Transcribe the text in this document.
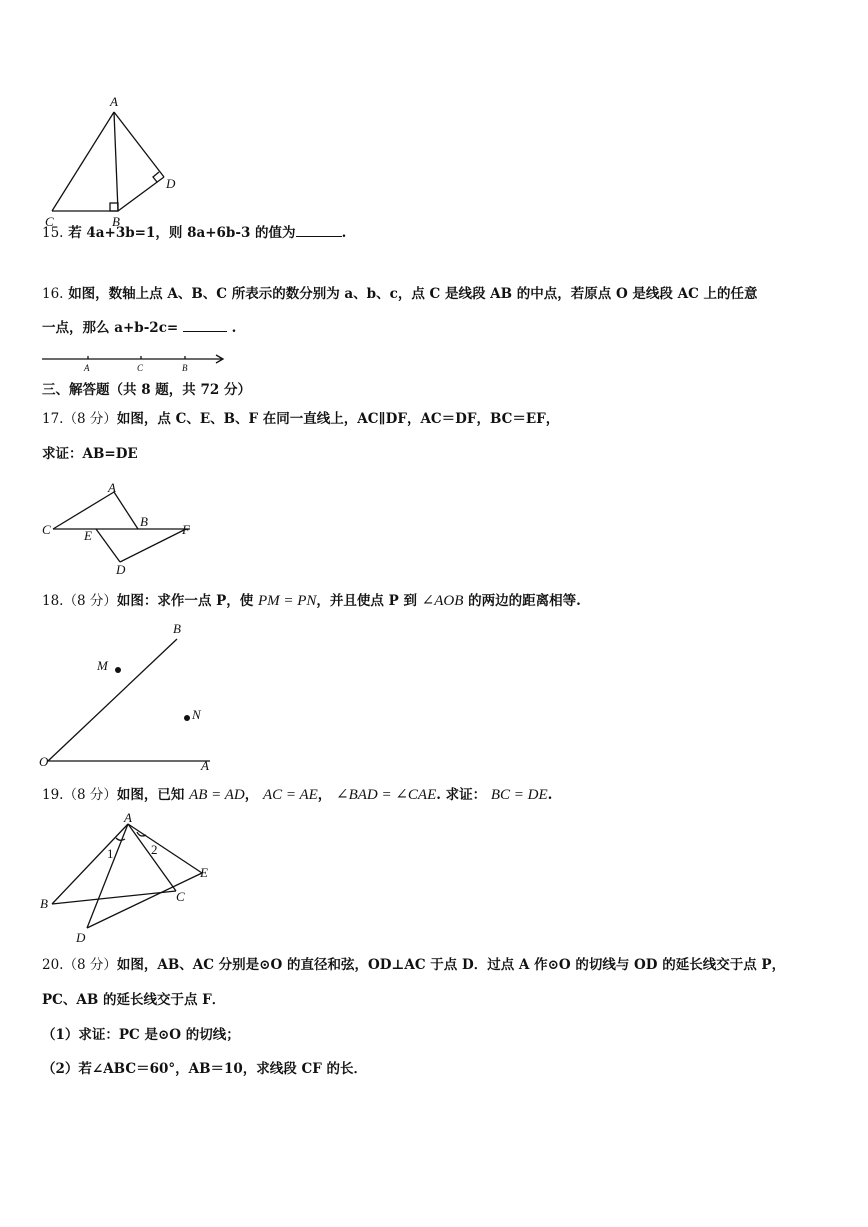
A
C	B
D
15. 若 4a+3b=1，则 8a+6b-3 的值为	.
16. 如图，数轴上点 A、B、C 所表示的数分别为 a、b、c，点 C 是线段 AB 的中点，若原点 O 是线段 AC 上的任意
一点，那么 a+b-2c=	.
A	C	B
三、解答题（共 8 题，共 72 分）
17.（8 分）如图，点 C、E、B、F 在同一直线上，AC∥DF，AC＝DF，BC＝EF，
求证：AB=DE
A
C
B
F
E
D
18.（8 分）如图：求作一点 P，使 PM = PN，并且使点 P 到 ∠AOB 的两边的距离相等.
B
M
N
O	A
19.（8 分）如图，已知 AB = AD， AC = AE， ∠BAD = ∠CAE. 求证： BC = DE.
A
B	C
D
E
1	2
20.（8 分）如图，AB、AC 分别是⊙O 的直径和弦，OD⊥AC 于点 D．过点 A 作⊙O 的切线与 OD 的延长线交于点 P，
PC、AB 的延长线交于点 F．
（1）求证：PC 是⊙O 的切线；
（2）若∠ABC＝60°，AB＝10，求线段 CF 的长．
